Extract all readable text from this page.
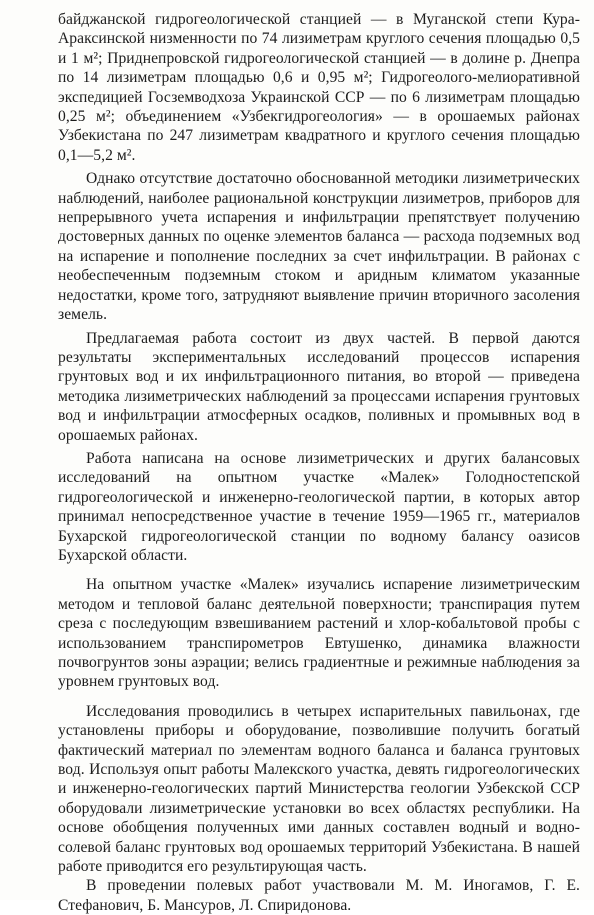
байджанской гидрогеологической станцией — в Муганской степи Кура-Араксинской низменности по 74 лизиметрам круглого сечения площадью 0,5 и 1 м²; Приднепровской гидрогеологической станцией — в долине р. Днепра по 14 лизиметрам площадью 0,6 и 0,95 м²; Гидрогеолого-мелиоративной экспедицией Госземводхоза Украинской ССР — по 6 лизиметрам площадью 0,25 м²; объединением «Узбекгидрогеология» — в орошаемых районах Узбекистана по 247 лизиметрам квадратного и круглого сечения площадью 0,1—5,2 м².

Однако отсутствие достаточно обоснованной методики лизиметрических наблюдений, наиболее рациональной конструкции лизиметров, приборов для непрерывного учета испарения и инфильтрации препятствует получению достоверных данных по оценке элементов баланса — расхода подземных вод на испарение и пополнение последних за счет инфильтрации. В районах с необеспеченным подземным стоком и аридным климатом указанные недостатки, кроме того, затрудняют выявление причин вторичного засоления земель.

Предлагаемая работа состоит из двух частей. В первой даются результаты экспериментальных исследований процессов испарения грунтовых вод и их инфильтрационного питания, во второй — приведена методика лизиметрических наблюдений за процессами испарения грунтовых вод и инфильтрации атмосферных осадков, поливных и промывных вод в орошаемых районах.

Работа написана на основе лизиметрических и других балансовых исследований на опытном участке «Малек» Голодностепской гидрогеологической и инженерно-геологической партии, в которых автор принимал непосредственное участие в течение 1959—1965 гг., материалов Бухарской гидрогеологической станции по водному балансу оазисов Бухарской области.

На опытном участке «Малек» изучались испарение лизиметрическим методом и тепловой баланс деятельной поверхности; транспирация путем среза с последующим взвешиванием растений и хлор-кобальтовой пробы с использованием транспирометров Евтушенко, динамика влажности почвогрунтов зоны аэрации; велись градиентные и режимные наблюдения за уровнем грунтовых вод.

Исследования проводились в четырех испарительных павильонах, где установлены приборы и оборудование, позволившие получить богатый фактический материал по элементам водного баланса и баланса грунтовых вод. Используя опыт работы Малекского участка, девять гидрогеологических и инженерно-геологических партий Министерства геологии Узбекской ССР оборудовали лизиметрические установки во всех областях республики. На основе обобщения полученных ими данных составлен водный и водно-солевой баланс грунтовых вод орошаемых территорий Узбекистана. В нашей работе приводится его результирующая часть.

В проведении полевых работ участвовали М. М. Иногамов, Г. Е. Стефанович, Б. Мансуров, Л. Спиридонова.
